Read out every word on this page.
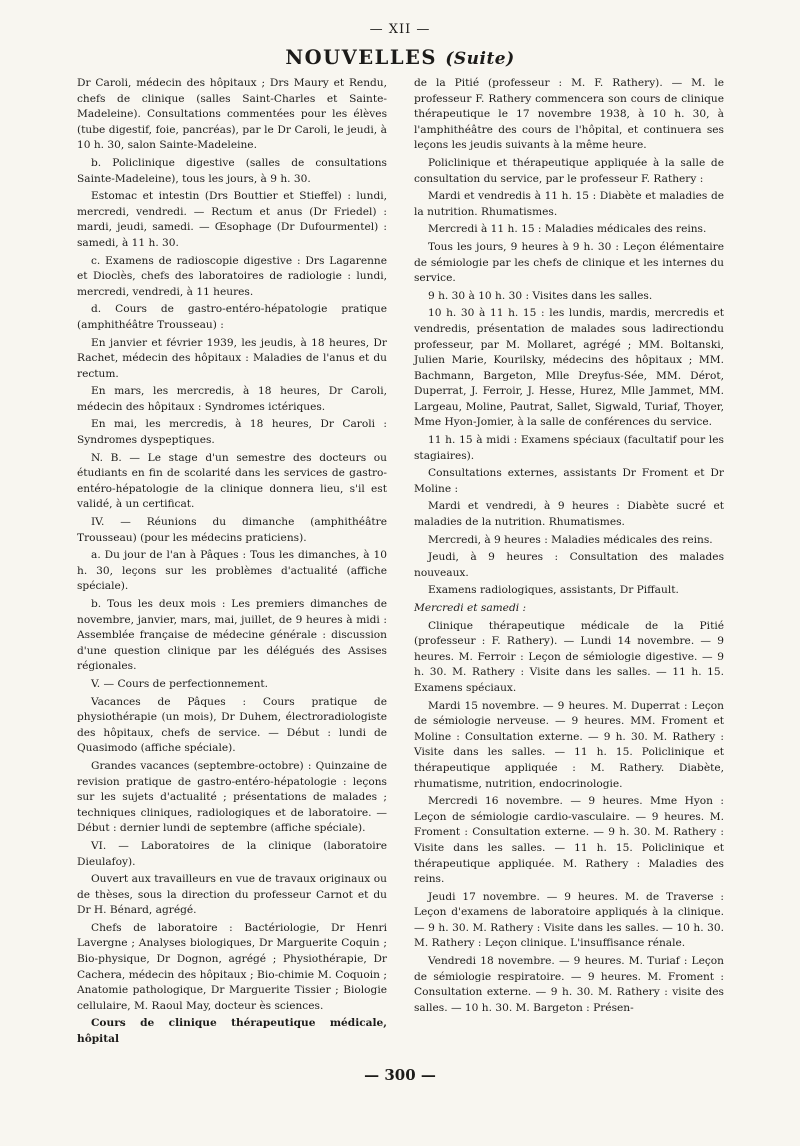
— XII —
NOUVELLES (Suite)

Dr Caroli, médecin des hôpitaux ; Drs Maury et Rendu, chefs de clinique (salles Saint-Charles et Sainte-Madeleine). Consultations commentées pour les élèves (tube digestif, foie, pancréas), par le Dr Caroli, le jeudi, à 10 h. 30, salon Sainte-Madeleine.

b. Policlinique digestive (salles de consultations Sainte-Madeleine), tous les jours, à 9 h. 30.

Estomac et intestin (Drs Bouttier et Stieffel) : lundi, mercredi, vendredi. — Rectum et anus (Dr Friedel) : mardi, jeudi, samedi. — Œsophage (Dr Dufourmentel) : samedi, à 11 h. 30.

c. Examens de radioscopie digestive : Drs Lagarenne et Dioclès, chefs des laboratoires de radiologie : lundi, mercredi, vendredi, à 11 heures.

d. Cours de gastro-entéro-hépatologie pratique (amphithéâtre Trousseau) :

En janvier et février 1939, les jeudis, à 18 heures, Dr Rachet, médecin des hôpitaux : Maladies de l'anus et du rectum.

En mars, les mercredis, à 18 heures, Dr Caroli, médecin des hôpitaux : Syndromes ictériques.

En mai, les mercredis, à 18 heures, Dr Caroli : Syndromes dyspeptiques.

N. B. — Le stage d'un semestre des docteurs ou étudiants en fin de scolarité dans les services de gastro-entéro-hépatologie de la clinique donnera lieu, s'il est validé, à un certificat.

IV. — Réunions du dimanche (amphithéâtre Trousseau) (pour les médecins praticiens).

a. Du jour de l'an à Pâques : Tous les dimanches, à 10 h. 30, leçons sur les problèmes d'actualité (affiche spéciale).

b. Tous les deux mois : Les premiers dimanches de novembre, janvier, mars, mai, juillet, de 9 heures à midi : Assemblée française de médecine générale : discussion d'une question clinique par les délégués des Assises régionales.

V. — Cours de perfectionnement.

Vacances de Pâques : Cours pratique de physiothérapie (un mois), Dr Duhem, électroradiologiste des hôpitaux, chefs de service. — Début : lundi de Quasimodo (affiche spéciale).

Grandes vacances (septembre-octobre) : Quinzaine de revision pratique de gastro-entéro-hépatologie : leçons sur les sujets d'actualité ; présentations de malades ; techniques cliniques, radiologiques et de laboratoire. — Début : dernier lundi de septembre (affiche spéciale).

VI. — Laboratoires de la clinique (laboratoire Dieulafoy).

Ouvert aux travailleurs en vue de travaux originaux ou de thèses, sous la direction du professeur Carnot et du Dr H. Bénard, agrégé.

Chefs de laboratoire : Bactériologie, Dr Henri Lavergne ; Analyses biologiques, Dr Marguerite Coquin ; Bio-physique, Dr Dognon, agrégé ; Physiothérapie, Dr Cachera, médecin des hôpitaux ; Bio-chimie M. Coquoin ; Anatomie pathologique, Dr Marguerite Tissier ; Biologie cellulaire, M. Raoul May, docteur ès sciences.

Cours de clinique thérapeutique médicale, hôpital

de la Pitié (professeur : M. F. Rathery). — M. le professeur F. Rathery commencera son cours de clinique thérapeutique le 17 novembre 1938, à 10 h. 30, à l'amphithéâtre des cours de l'hôpital, et continuera ses leçons les jeudis suivants à la même heure.

Policlinique et thérapeutique appliquée à la salle de consultation du service, par le professeur F. Rathery :

Mardi et vendredis à 11 h. 15 : Diabète et maladies de la nutrition. Rhumatismes.

Mercredi à 11 h. 15 : Maladies médicales des reins.

Tous les jours, 9 heures à 9 h. 30 : Leçon élémentaire de sémiologie par les chefs de clinique et les internes du service.

9 h. 30 à 10 h. 30 : Visites dans les salles.

10 h. 30 à 11 h. 15 : les lundis, mardis, mercredis et vendredis, présentation de malades sous ladirectiondu professeur, par M. Mollaret, agrégé ; MM. Boltanski, Julien Marie, Kourilsky, médecins des hôpitaux ; MM. Bachmann, Bargeton, Mlle Dreyfus-Sée, MM. Dérot, Duperrat, J. Ferroir, J. Hesse, Hurez, Mlle Jammet, MM. Largeau, Moline, Pautrat, Sallet, Sigwald, Turiaf, Thoyer, Mme Hyon-Jomier, à la salle de conférences du service.

11 h. 15 à midi : Examens spéciaux (facultatif pour les stagiaires).

Consultations externes, assistants Dr Froment et Dr Moline :

Mardi et vendredi, à 9 heures : Diabète sucré et maladies de la nutrition. Rhumatismes.

Mercredi, à 9 heures : Maladies médicales des reins.

Jeudi, à 9 heures : Consultation des malades nouveaux.

Examens radiologiques, assistants, Dr Piffault.

Mercredi et samedi :

Clinique thérapeutique médicale de la Pitié (professeur : F. Rathery). — Lundi 14 novembre. — 9 heures. M. Ferroir : Leçon de sémiologie digestive. — 9 h. 30. M. Rathery : Visite dans les salles. — 11 h. 15. Examens spéciaux.

Mardi 15 novembre. — 9 heures. M. Duperrat : Leçon de sémiologie nerveuse. — 9 heures. MM. Froment et Moline : Consultation externe. — 9 h. 30. M. Rathery : Visite dans les salles. — 11 h. 15. Policlinique et thérapeutique appliquée : M. Rathery. Diabète, rhumatisme, nutrition, endocrinologie.

Mercredi 16 novembre. — 9 heures. Mme Hyon : Leçon de sémiologie cardio-vasculaire. — 9 heures. M. Froment : Consultation externe. — 9 h. 30. M. Rathery : Visite dans les salles. — 11 h. 15. Policlinique et thérapeutique appliquée. M. Rathery : Maladies des reins.

Jeudi 17 novembre. — 9 heures. M. de Traverse : Leçon d'examens de laboratoire appliqués à la clinique. — 9 h. 30. M. Rathery : Visite dans les salles. — 10 h. 30. M. Rathery : Leçon clinique. L'insuffisance rénale.

Vendredi 18 novembre. — 9 heures. M. Turiaf : Leçon de sémiologie respiratoire. — 9 heures. M. Froment : Consultation externe. — 9 h. 30. M. Rathery : visite des salles. — 10 h. 30. M. Bargeton : Présen-

— 300 —
